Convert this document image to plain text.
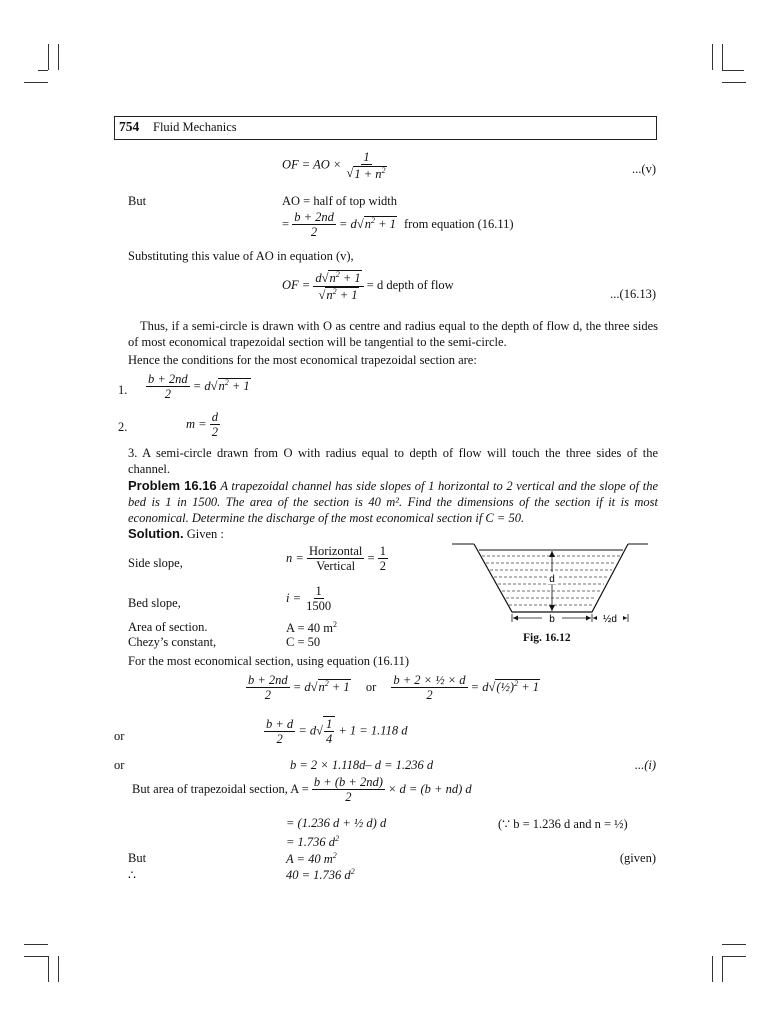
754 Fluid Mechanics
OF = AO × $\frac{1}{√1 + n^2}$	...(v)
But	AO = half of top width
= $\frac{b + 2nd}{2} = d√n^2 + 1$ from equation (16.11)
Substituting this value of AO in equation (v),
OF = $\frac{d√n^2 + 1}{√n^2 + 1} = d$ depth of flow
...(16.13)
Thus, if a semi-circle is drawn with O as centre and radius equal to the depth of flow d, the three sides of most economical trapezoidal section will be tangential to the semi-circle.
Hence the conditions for the most economical trapezoidal section are:
1. $\frac{b + 2nd}{2} = d√n^2 + 1$
2.	$m = \frac{d}{2}$
3. A semi-circle drawn from O with radius equal to depth of flow will touch the three sides of the channel.
Problem 16.16 A trapezoidal channel has side slopes of 1 horizontal to 2 vertical and the slope of the bed is 1 in 1500. The area of the section is 40 m². Find the dimensions of the section if it is most economical. Determine the discharge of the most economical section if C = 50.
Solution. Given :
Side slope,	$n = \frac{\text{Horizontal}}{\text{Vertical}} = \frac{1}{2}$
Bed slope,	$i = \frac{1}{1500}$
Area of section.	A = 40 $m^2$
Chezy’s constant,	C = 50
d
b	½d
Fig. 16.12
For the most economical section, using equation (16.11)
$\frac{b + 2nd}{2} = d√n^2 + 1$ or $\frac{\text{b + 2 × ½ × d}}{2}$ = d√(½)$^2$ + 1
or	$\frac{b + d}{2} = d√ \frac{1}{4} + 1 = 1.118$ d
or	b = 2 × 1.118d– d = 1.236 d	...(i)
But area of trapezoidal section, $A = \frac{b + (b + 2nd)}{2} \times d = (b + nd)$ d
= (1.236 d + ½ d) d	(∵ b = 1.236 d and n = ½)
= 1.736 $d^2$
But	A = 40 $m^2$	(given)
∴	40 = 1.736 $d^2$
